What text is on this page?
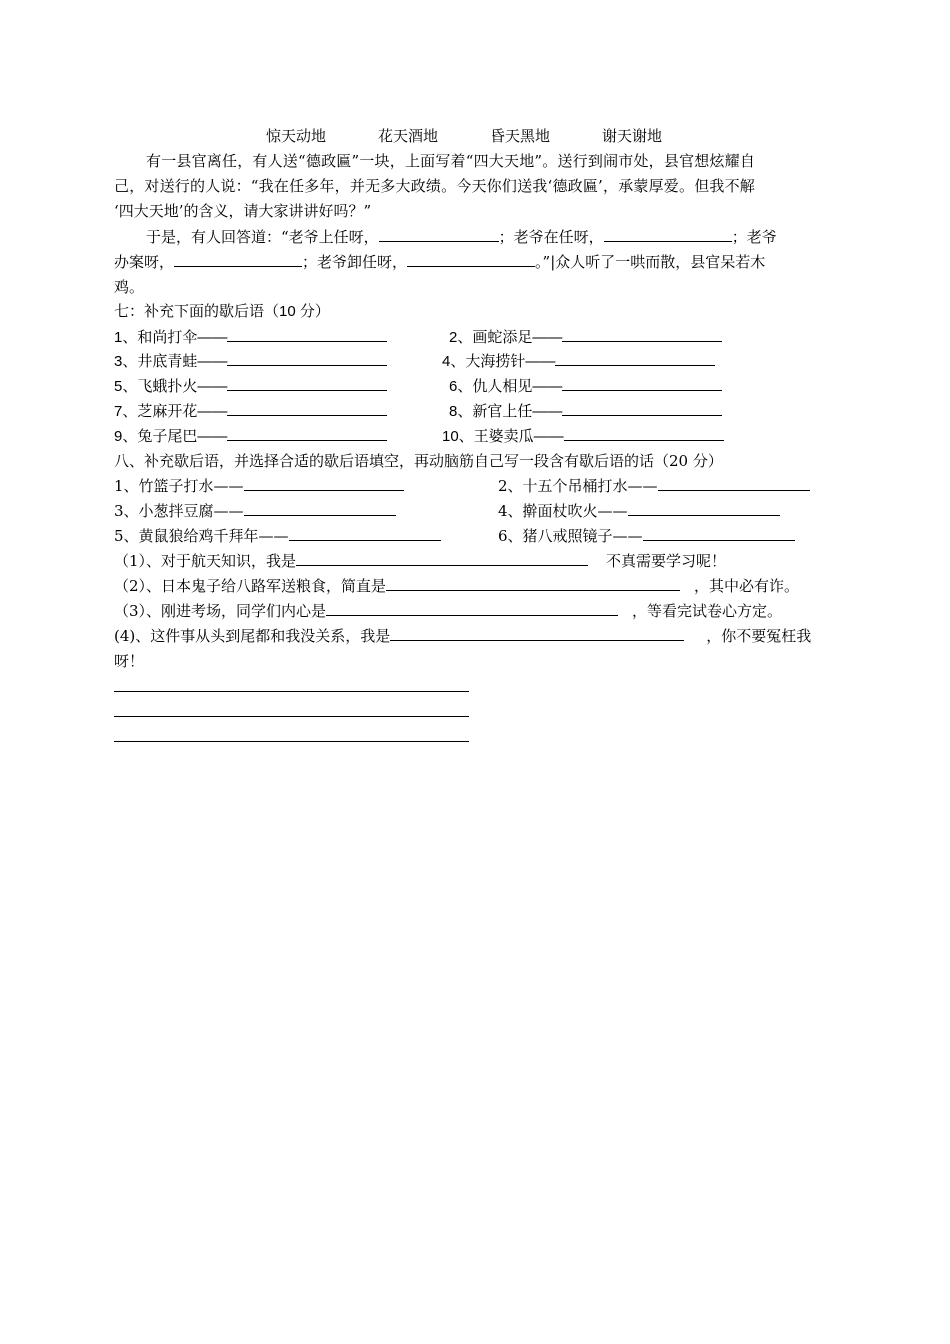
惊天动地	花天酒地	昏天黑地	谢天谢地
有一县官离任，有人送“德政匾”一块，上面写着“四大天地”。送行到闹市处，县官想炫耀自
己，对送行的人说：“我在任多年，并无多大政绩。今天你们送我‘德政匾’，承蒙厚爱。但我不解
‘四大天地’的含义，请大家讲讲好吗？”
于是，有人回答道：“老爷上任呀，	；老爷在任呀，	；老爷
办案呀，	；老爷卸任呀，	。”|众人听了一哄而散，县官呆若木
鸡。
七：补充下面的歇后语（10 分）
1、和尚打伞——	2、画蛇添足——
3、井底青蛙——	4、大海捞针——
5、飞蛾扑火——	6、仇人相见——
7、芝麻开花——	8、新官上任——
9、兔子尾巴——	10、王婆卖瓜——
八、补充歇后语，并选择合适的歇后语填空，再动脑筋自己写一段含有歇后语的话（20 分）
1、竹篮子打水——	2、十五个吊桶打水——
3、小葱拌豆腐——	4、擀面杖吹火——
5、黄鼠狼给鸡千拜年——	6、猪八戒照镜子——
（1）、对于航天知识，我是	不真需要学习呢！
（2）、日本鬼子给八路军送粮食，简直是	，其中必有诈。
（3）、刚进考场，同学们内心是	，等看完试卷心方定。
(4)、这件事从头到尾都和我没关系，我是	，你不要冤枉我
呀！
